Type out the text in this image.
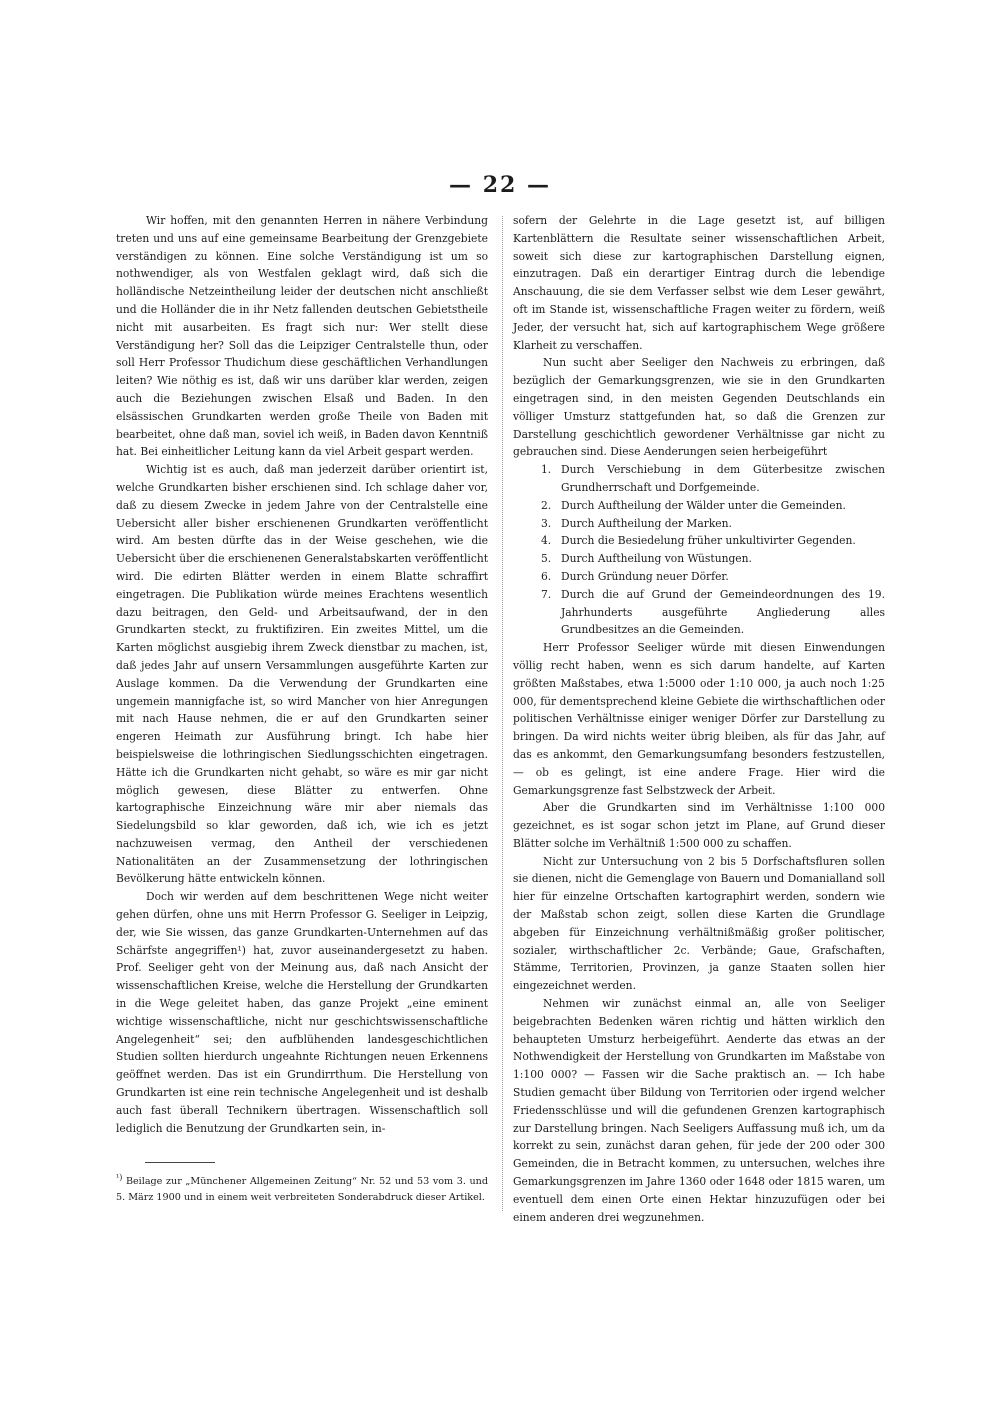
— 22 —

Wir hoffen, mit den genannten Herren in nähere Verbindung treten und uns auf eine gemeinsame Bearbeitung der Grenzgebiete verständigen zu können. Eine solche Verständigung ist um so nothwendiger, als von Westfalen geklagt wird, daß sich die holländische Netzeintheilung leider der deutschen nicht anschließt und die Holländer die in ihr Netz fallenden deutschen Gebietstheile nicht mit ausarbeiten. Es fragt sich nur: Wer stellt diese Verständigung her? Soll das die Leipziger Centralstelle thun, oder soll Herr Professor Thudichum diese geschäftlichen Verhandlungen leiten? Wie nöthig es ist, daß wir uns darüber klar werden, zeigen auch die Beziehungen zwischen Elsaß und Baden. In den elsässischen Grundkarten werden große Theile von Baden mit bearbeitet, ohne daß man, soviel ich weiß, in Baden davon Kenntniß hat. Bei einheitlicher Leitung kann da viel Arbeit gespart werden.

Wichtig ist es auch, daß man jederzeit darüber orientirt ist, welche Grundkarten bisher erschienen sind. Ich schlage daher vor, daß zu diesem Zwecke in jedem Jahre von der Centralstelle eine Uebersicht aller bisher erschienenen Grundkarten veröffentlicht wird. Am besten dürfte das in der Weise geschehen, wie die Uebersicht über die erschienenen Generalstabskarten veröffentlicht wird. Die edirten Blätter werden in einem Blatte schraffirt eingetragen. Die Publikation würde meines Erachtens wesentlich dazu beitragen, den Geld- und Arbeitsaufwand, der in den Grundkarten steckt, zu fruktifiziren. Ein zweites Mittel, um die Karten möglichst ausgiebig ihrem Zweck dienstbar zu machen, ist, daß jedes Jahr auf unsern Versammlungen ausgeführte Karten zur Auslage kommen. Da die Verwendung der Grundkarten eine ungemein mannigfache ist, so wird Mancher von hier Anregungen mit nach Hause nehmen, die er auf den Grundkarten seiner engeren Heimath zur Ausführung bringt. Ich habe hier beispielsweise die lothringischen Siedlungsschichten eingetragen. Hätte ich die Grundkarten nicht gehabt, so wäre es mir gar nicht möglich gewesen, diese Blätter zu entwerfen. Ohne kartographische Einzeichnung wäre mir aber niemals das Siedelungsbild so klar geworden, daß ich, wie ich es jetzt nachzuweisen vermag, den Antheil der verschiedenen Nationalitäten an der Zusammensetzung der lothringischen Bevölkerung hätte entwickeln können.

Doch wir werden auf dem beschrittenen Wege nicht weiter gehen dürfen, ohne uns mit Herrn Professor G. Seeliger in Leipzig, der, wie Sie wissen, das ganze Grundkarten-Unternehmen auf das Schärfste angegriffen¹) hat, zuvor auseinandergesetzt zu haben. Prof. Seeliger geht von der Meinung aus, daß nach Ansicht der wissenschaftlichen Kreise, welche die Herstellung der Grundkarten in die Wege geleitet haben, das ganze Projekt „eine eminent wichtige wissenschaftliche, nicht nur geschichtswissenschaftliche Angelegenheit“ sei; den aufblühenden landesgeschichtlichen Studien sollten hierdurch ungeahnte Richtungen neuen Erkennens geöffnet werden. Das ist ein Grundirrthum. Die Herstellung von Grundkarten ist eine rein technische Angelegenheit und ist deshalb auch fast überall Technikern übertragen. Wissenschaftlich soll lediglich die Benutzung der Grundkarten sein, in-

sofern der Gelehrte in die Lage gesetzt ist, auf billigen Kartenblättern die Resultate seiner wissenschaftlichen Arbeit, soweit sich diese zur kartographischen Darstellung eignen, einzutragen. Daß ein derartiger Eintrag durch die lebendige Anschauung, die sie dem Verfasser selbst wie dem Leser gewährt, oft im Stande ist, wissenschaftliche Fragen weiter zu fördern, weiß Jeder, der versucht hat, sich auf kartographischem Wege größere Klarheit zu verschaffen.

Nun sucht aber Seeliger den Nachweis zu erbringen, daß bezüglich der Gemarkungsgrenzen, wie sie in den Grundkarten eingetragen sind, in den meisten Gegenden Deutschlands ein völliger Umsturz stattgefunden hat, so daß die Grenzen zur Darstellung geschichtlich gewordener Verhältnisse gar nicht zu gebrauchen sind. Diese Aenderungen seien herbeigeführt

1. Durch Verschiebung in dem Güterbesitze zwischen Grundherrschaft und Dorfgemeinde.
2. Durch Auftheilung der Wälder unter die Gemeinden.
3. Durch Auftheilung der Marken.
4. Durch die Besiedelung früher unkultivirter Gegenden.
5. Durch Auftheilung von Wüstungen.
6. Durch Gründung neuer Dörfer.
7. Durch die auf Grund der Gemeindeordnungen des 19. Jahrhunderts ausgeführte Angliederung alles Grundbesitzes an die Gemeinden.

Herr Professor Seeliger würde mit diesen Einwendungen völlig recht haben, wenn es sich darum handelte, auf Karten größten Maßstabes, etwa 1:5000 oder 1:10 000, ja auch noch 1:25 000, für dementsprechend kleine Gebiete die wirthschaftlichen oder politischen Verhältnisse einiger weniger Dörfer zur Darstellung zu bringen. Da wird nichts weiter übrig bleiben, als für das Jahr, auf das es ankommt, den Gemarkungsumfang besonders festzustellen, — ob es gelingt, ist eine andere Frage. Hier wird die Gemarkungsgrenze fast Selbstzweck der Arbeit.

Aber die Grundkarten sind im Verhältnisse 1:100 000 gezeichnet, es ist sogar schon jetzt im Plane, auf Grund dieser Blätter solche im Verhältniß 1:500 000 zu schaffen.

Nicht zur Untersuchung von 2 bis 5 Dorfschaftsfluren sollen sie dienen, nicht die Gemenglage von Bauern und Domanialland soll hier für einzelne Ortschaften kartographirt werden, sondern wie der Maßstab schon zeigt, sollen diese Karten die Grundlage abgeben für Einzeichnung verhältnißmäßig großer politischer, sozialer, wirthschaftlicher 2c. Verbände; Gaue, Grafschaften, Stämme, Territorien, Provinzen, ja ganze Staaten sollen hier eingezeichnet werden.

Nehmen wir zunächst einmal an, alle von Seeliger beigebrachten Bedenken wären richtig und hätten wirklich den behaupteten Umsturz herbeigeführt. Aenderte das etwas an der Nothwendigkeit der Herstellung von Grundkarten im Maßstabe von 1:100 000? — Fassen wir die Sache praktisch an. — Ich habe Studien gemacht über Bildung von Territorien oder irgend welcher Friedensschlüsse und will die gefundenen Grenzen kartographisch zur Darstellung bringen. Nach Seeligers Auffassung muß ich, um da korrekt zu sein, zunächst daran gehen, für jede der 200 oder 300 Gemeinden, die in Betracht kommen, zu untersuchen, welches ihre Gemarkungsgrenzen im Jahre 1360 oder 1648 oder 1815 waren, um eventuell dem einen Orte einen Hektar hinzuzufügen oder bei einem anderen drei wegzunehmen.

$^{^1)}$ Beilage zur „Münchener Allgemeinen Zeitung“ Nr. 52 und 53 vom 3. und 5. März 1900 und in einem weit verbreiteten Sonderabdruck dieser Artikel.
